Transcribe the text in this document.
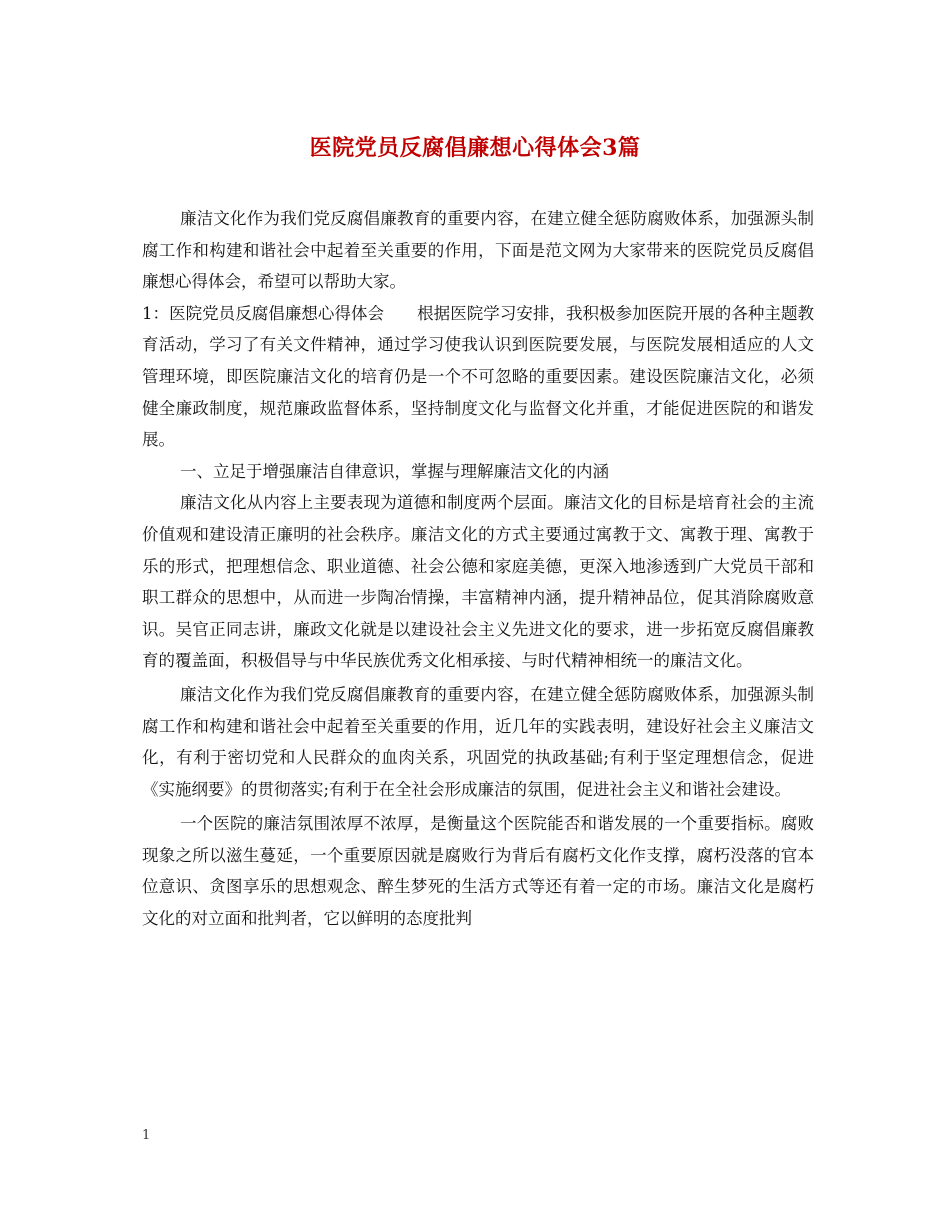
医院党员反腐倡廉想心得体会3篇

廉洁文化作为我们党反腐倡廉教育的重要内容，在建立健全惩防腐败体系，加强源头制腐工作和构建和谐社会中起着至关重要的作用，下面是范文网为大家带来的医院党员反腐倡廉想心得体会，希望可以帮助大家。

1：医院党员反腐倡廉想心得体会　　根据医院学习安排，我积极参加医院开展的各种主题教育活动，学习了有关文件精神，通过学习使我认识到医院要发展，与医院发展相适应的人文管理环境，即医院廉洁文化的培育仍是一个不可忽略的重要因素。建设医院廉洁文化，必须健全廉政制度，规范廉政监督体系，坚持制度文化与监督文化并重，才能促进医院的和谐发展。

一、立足于增强廉洁自律意识，掌握与理解廉洁文化的内涵

廉洁文化从内容上主要表现为道德和制度两个层面。廉洁文化的目标是培育社会的主流价值观和建设清正廉明的社会秩序。廉洁文化的方式主要通过寓教于文、寓教于理、寓教于乐的形式，把理想信念、职业道德、社会公德和家庭美德，更深入地渗透到广大党员干部和职工群众的思想中，从而进一步陶冶情操，丰富精神内涵，提升精神品位，促其消除腐败意识。吴官正同志讲，廉政文化就是以建设社会主义先进文化的要求，进一步拓宽反腐倡廉教育的覆盖面，积极倡导与中华民族优秀文化相承接、与时代精神相统一的廉洁文化。

廉洁文化作为我们党反腐倡廉教育的重要内容，在建立健全惩防腐败体系，加强源头制腐工作和构建和谐社会中起着至关重要的作用，近几年的实践表明，建设好社会主义廉洁文化，有利于密切党和人民群众的血肉关系，巩固党的执政基础;有利于坚定理想信念，促进《实施纲要》的贯彻落实;有利于在全社会形成廉洁的氛围，促进社会主义和谐社会建设。

一个医院的廉洁氛围浓厚不浓厚，是衡量这个医院能否和谐发展的一个重要指标。腐败现象之所以滋生蔓延，一个重要原因就是腐败行为背后有腐朽文化作支撑，腐朽没落的官本位意识、贪图享乐的思想观念、醉生梦死的生活方式等还有着一定的市场。廉洁文化是腐朽文化的对立面和批判者，它以鲜明的态度批判

1
